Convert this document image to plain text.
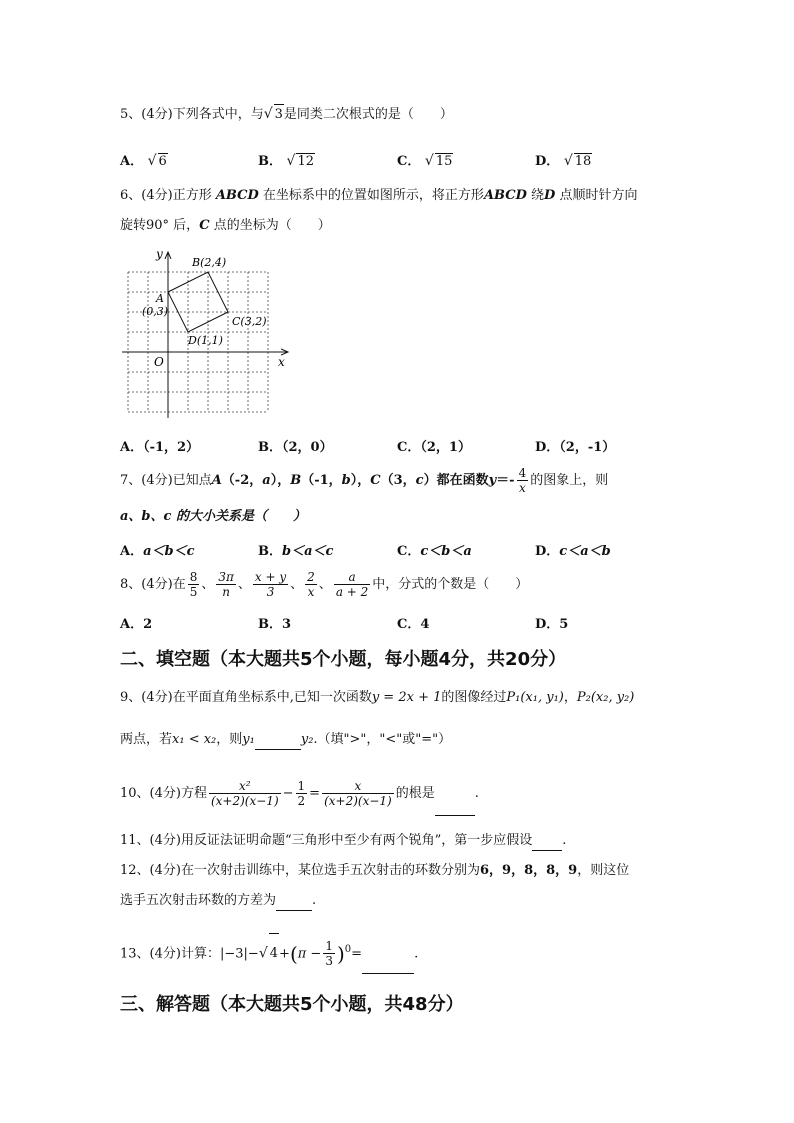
5、(4分)下列各式中，与√ 3是同类二次根式的是（　　）
A． √ 6	B． √ 12	C． √ 15	D． √ 18
6、(4分)正方形 ABCD 在坐标系中的位置如图所示，将正方形ABCD 绕D 点顺时针方向
旋转90° 后，C 点的坐标为（　　）
y
x
O
A
(0,3)
B(2,4)
C(3,2)
D(1,1)
A．（-1，2）	B．（2，0）	C．（2，1）	D．（2，-1）
7、(4分)已知点A（-2，a），B（-1，b），C（3，c）都在函数$y=- \frac{4}{x}$ 的图象上，则
a、b、c 的大小关系是（　　）
A．a＜b＜c	B．b＜a＜c	C．c＜b＜a	D．c＜a＜b
8、(4分)在 $\frac{8}{5}$ 、 $\frac{3\pi}{n}$ 、 $\frac{x + y}{3}$ 、 $\frac{2}{x}$ 、 $\frac{a}{a + 2}$ 中，分式的个数是（　　）
A．2	B．3	C．4	D．5
二、填空题（本大题共5个小题，每小题4分，共20分）
9、(4分)在平面直角坐标系中,已知一次函数y = 2x + 1的图像经过P₁(x₁, y₁)，P₂(x₂, y₂)
两点，若x₁ < x₂，则y₁	y₂.（填">"，"<"或"="）
10、(4分)方程 $\frac{\text{x²}}{(x+2)(x-1)} - \frac{1}{2} = \frac{x}{(x+2)(x-1)}$ 的根是	.
11、(4分)用反证法证明命题“三角形中至少有两个锐角”，第一步应假设 .
12、(4分)在一次射击训练中，某位选手五次射击的环数分别为6，9，8，8，9，则这位
选手五次射击环数的方差为	.
13、(4分)计算：|−3|−√ $4+(\pi - \frac{1}{3} )^0=$	.
三、解答题（本大题共5个小题，共48分）
